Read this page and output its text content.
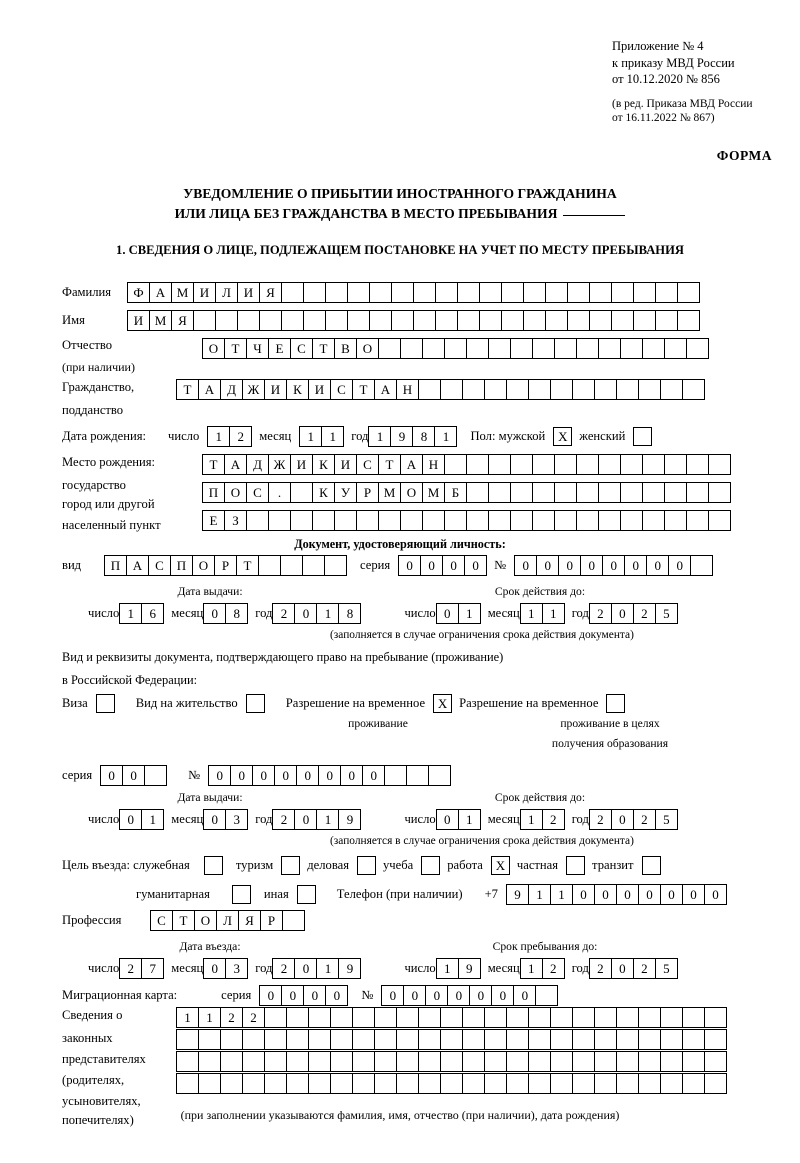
Приложение № 4
к приказу МВД России
от 10.12.2020 № 856
(в ред. Приказа МВД России
от 16.11.2022 № 867)
ФОРМА
УВЕДОМЛЕНИЕ О ПРИБЫТИИ ИНОСТРАННОГО ГРАЖДАНИНА
ИЛИ ЛИЦА БЕЗ ГРАЖДАНСТВА В МЕСТО ПРЕБЫВАНИЯ
1. СВЕДЕНИЯ О ЛИЦЕ, ПОДЛЕЖАЩЕМ ПОСТАНОВКЕ НА УЧЕТ ПО МЕСТУ ПРЕБЫВАНИЯ
Фамилия	Ф А М И Л И Я
Имя	И М Я
Отчество	О	Т	Ч	Е	С	Т	В О
(при наличии)
Гражданство,	Т	А Д Ж И К И С	Т	А Н
подданство
Дата рождения: число	1	2	месяц	1	1	год 1	9	8	1	Пол: мужской Х женский
Место рождения:	Т	А Д Ж И К И С	Т	А Н
государство	П О С	.	К	У	Р М О М Б
город или другой
Е	З
населенный пункт
Документ, удостоверяющий личность:
вид	П А С П О	Р	Т	серия	0	0	0	0	№	0	0	0	0	0	0	0	0
Дата выдачи:	Срок действия до:
число 1	6	месяц 0	8	год 2	0	1	8	число 0	1	месяц 1	1	год 2	0	2	5
(заполняется в случае ограничения срока действия документа)
Вид и реквизиты документа, подтверждающего право на пребывание (проживание)
в Российской Федерации:
Виза	Вид на жительство	Разрешение на временное Х Разрешение на временное
проживание	проживание в целях
получения образования
серия	0	0	№	0	0	0	0	0	0	0	0
Дата выдачи:	Срок действия до:
число 0	1	месяц 0	3	год 2	0	1	9	число 0	1	месяц 1	2	год 2	0	2	5
(заполняется в случае ограничения срока действия документа)
Цель въезда: служебная	туризм	деловая	учеба	работа Х частная	транзит
гуманитарная	иная	Телефон (при наличии) +7	9	1	1	0	0	0	0	0	0	0
Профессия	С	Т	О Л	Я	Р
Дата въезда:	Срок пребывания до:
число 2	7	месяц 0	3	год 2	0	1	9	число 1	9	месяц 1	2	год 2	0	2	5
Миграционная карта:	серия	0	0	0	0	№	0	0	0	0	0	0	0
Сведения о
законных
представителях
(родителях,
усыновителях,
попечителях)
1	1	2	2
(при заполнении указываются фамилия, имя, отчество (при наличии), дата рождения)
